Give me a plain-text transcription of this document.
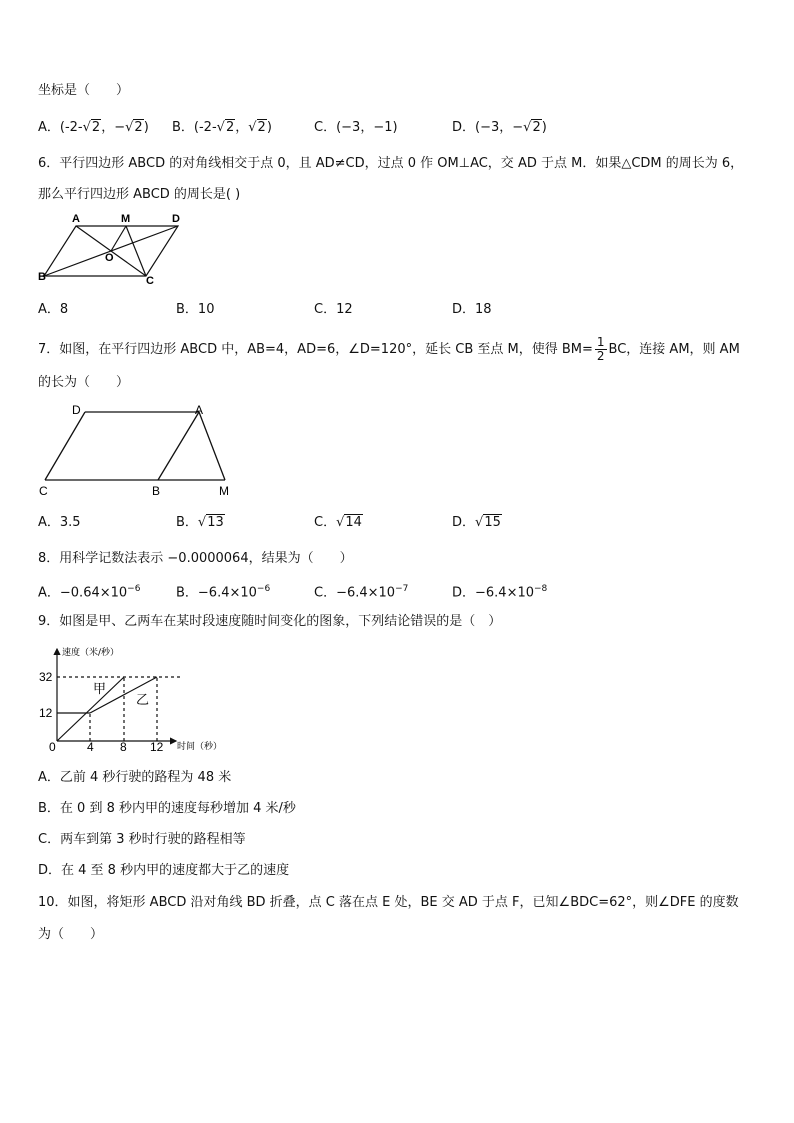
坐标是（　　）
A．(-2-√2，−√2) B．(-2-√2，√2)	C．(−3，−1)	D．(−3，−√2)
6．平行四边形 ABCD 的对角线相交于点 0，且 AD≠CD，过点 0 作 OM⊥AC，交 AD 于点 M．如果△CDM 的周长为 6，
那么平行四边形 ABCD 的周长是( )
A	M	D
B
O
C
A．8	B．10	C．12	D．18
7．如图，在平行四边形 ABCD 中，AB=4，AD=6，∠D=120°，延长 CB 至点 M，使得 $BM= \frac{1}{2}$ BC，连接 AM，则 AM
的长为（　　）
D	A
C	B	M
A．3.5	B．√13	C．√14	D．√15
8．用科学记数法表示 −0.0000064，结果为（　　）
A．$-0.64\times 10^{-6}$	B．$-6.4\times 10^{-6}$	C．$-6.4\times 10^{-7}$	D．$-6.4\times 10^{-8}$
9．如图是甲、乙两车在某时段速度随时间变化的图象，下列结论错误的是（　）
速度（米/秒）
时间（秒）
32
12
0	4 8 12
甲
乙
A．乙前 4 秒行驶的路程为 48 米
B．在 0 到 8 秒内甲的速度每秒增加 4 米/秒
C．两车到第 3 秒时行驶的路程相等
D．在 4 至 8 秒内甲的速度都大于乙的速度
10．如图，将矩形 ABCD 沿对角线 BD 折叠，点 C 落在点 E 处，BE 交 AD 于点 F，已知∠BDC=62°，则∠DFE 的度数
为（　　）
